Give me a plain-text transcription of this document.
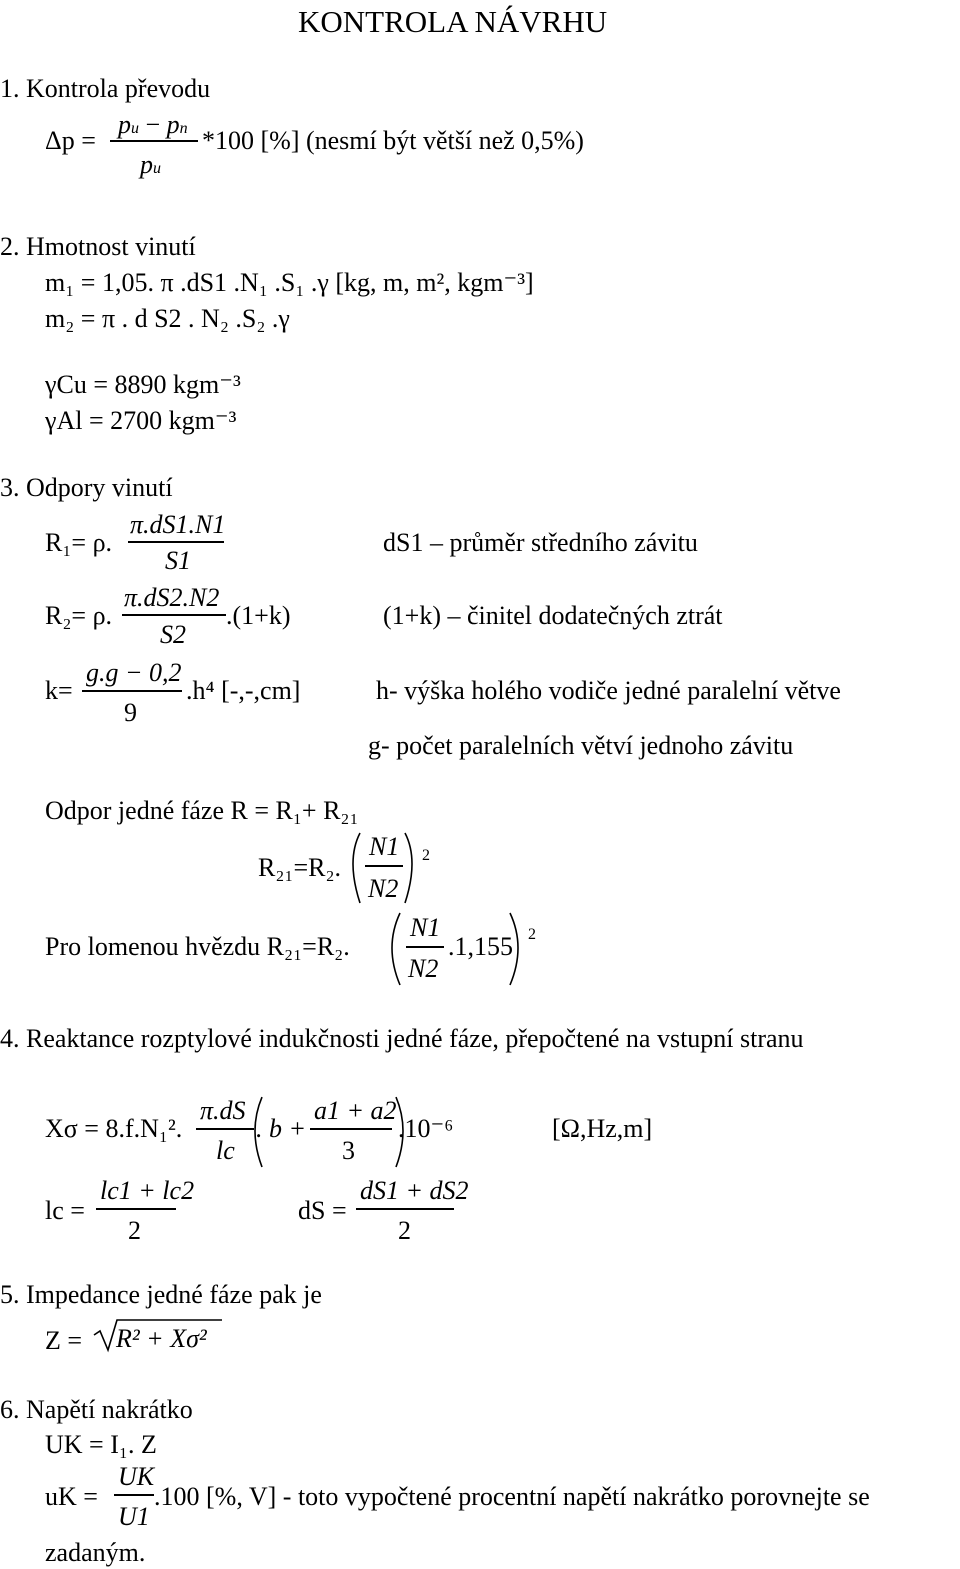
KONTROLA NÁVRHU
1. Kontrola převodu
Δp =
pu − pn
pu
*100 [%] (nesmí být větší než 0,5%)
2. Hmotnost vinutí
m₁ = 1,05. π .dS1 .N₁ .S₁ .γ [kg, m, m², kgm⁻³]
m₂ = π . d S2 . N₂ .S₂ .γ
γCu = 8890 kgm⁻³
γAl = 2700 kgm⁻³
3. Odpory vinutí
R₁= ρ.
π.dS1.N1
S1
R₂= ρ.
π.dS2.N2
S2
.(1+k)
k=
g.g − 0,2
9
.h⁴ [-,-,cm]
dS1 – průměr středního závitu
(1+k) – činitel dodatečných ztrát
h- výška holého vodiče jedné paralelní větve
g- počet paralelních větví jednoho závitu
Odpor jedné fáze R = R₁+ R₂₁
R₂₁=R₂.
N1
N2
2
Pro lomenou hvězdu R₂₁=R₂.
N1
N2
.1,155 2
4. Reaktance rozptylové indukčnosti jedné fáze, přepočtené na vstupní stranu
Xσ = 8.f.N₁².
π.dS
lc
. b +
a1 + a2
3
.10⁻⁶	[Ω,Hz,m]
lc =
lc1 + lc2
2
dS =
dS1 + dS2
2
5. Impedance jedné fáze pak je
Z = R² + Xσ²
6. Napětí nakrátko
UK = I₁. Z
uK =
UK
U1
.100 [%, V] - toto vypočtené procentní napětí nakrátko porovnejte se
zadaným.
